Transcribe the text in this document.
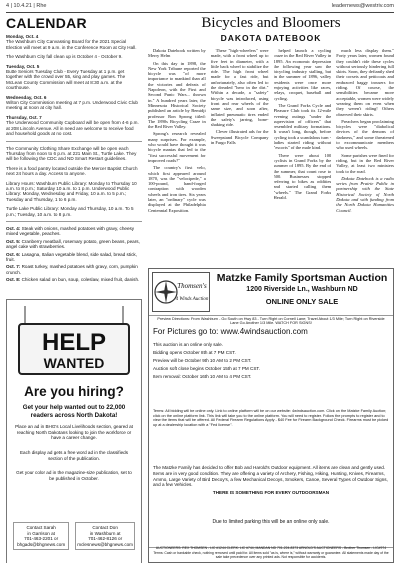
4 | 10.4.21 | Rhe	leadernews@westriv.com
CALENDAR
Monday, Oct. 4
The Washburn City Canvassing Board for the 2021 Special Election will meet at 9 a.m. in the Conference Room at City Hall.
The Washburn City fall clean up is October 4 - October 9.
Tuesday, Oct. 5
Butte Seniors Tuesday Club - Every Tuesday at 1 p.m. get together with the crowd over 55, sing and play games. The McLean County Commission will meet at 8:30 a.m. at the courthouse.
Wednesday, Oct. 6
Wilton City Commission meeting at 7 p.m. Underwood Civic Club meeting at noon at city hall.
Thursday, Oct. 7
The Underwood Community Cupboard will be open from 4-6 p.m. at 208 Lincoln Avenue. All in need are welcome to receive food and household goods at no cost.
The Community Clothing Share Exchange will be open each Thursday from noon to 6 p.m. at 221 Main St., Turtle Lake. They will be following the CDC and ND Smart Restart guidelines.
There is a food pantry located outside the Mercer Baptist Church next 24 hours a day. Access to anyone.
Library Hours: Washburn Public Library: Monday to Thursday 10 a.m. to 8 p.m.; Saturday 10 a.m. to 1 p.m. Underwood Public Library: Monday, Wednesday and Friday, 10 a.m. to 5 p.m.; Tuesday and Thursday, 1 to 6 p.m.
Turtle Lake Public Library: Monday and Thursday, 10 a.m. To 5 p.m.; Tuesday, 10 a.m. to 8 p.m.
Oct. 4: Steak with onions, mashed potatoes with gravy, cheesy mixed vegetable, peaches.
Oct. 5: Cranberry meatball, rosemary potato, green beans, pears, angel cake with strawberries.
Oct. 6: Lasagna, Italian vegetable blend, side salad, bread stick, fruit.
Oct. 7: Roast turkey, mashed potatoes with gravy, corn, pumpkin crunch.
Oct. 8: Chicken salad on bun, soup, coleslaw, mixed fruit, danish.
HELP
WANTED
Are you hiring?
Get your help wanted out to 22,000 readers across North Dakota!
Place an ad in BHG's Local Livelihoods section, geared at reaching North Dakotans looking to join the workforce or have a career change.
Each display ad gets a free word ad in the classifieds section of the publication.
Get your color ad in the magazine-size publication, set to be published in October.
Contact Sarah
in Garrison at
701-463-2201 or
bhgads@bhgnews.com
Contact Don
in Washburn at
701-462-8126 or
mclesnews@bhgnews.com
Bicycles and Bloomers
DAKOTA DATEBOOK

Dakota Datebook written by Merry Helm

On this day in 1898, the New York Tribune reported the bicycle was "of more importance to mankind than all the victories and defeats of Napoleon, with the First and Second Punic Wars... thrown in." A hundred years later, the Minnesota Historical Society published an article by Bemidji professor Ron Sprong titled: The 1890s Bicycling Craze in the Red River Valley.

Sprong's research revealed many surprises. For example, who would have thought it was bicycle manias that led to the "first successful movement for improved roads?"

The country's first velo, which first appeared around 1870, was the "velocipede," a 100-pound, hand-forged contraption with wooden wheels and iron tires. Six years later, an "ordinary" cycle was displayed at the Philadelphia Centennial Exposition.

These "high-wheelers" were made, with a front wheel up to five feet in diameter, with a little back wheel to stabilize the ride. The high front wheel made for a fast ride, but unfortunately, also often led to the dreaded "hero in the dirt." Within a decade, a "safety" bicycle was introduced, using front and rear wheels of the same size, and soon after, inflated pneumatic tires ended the safety's jarring, bone-shaking ride.

Clever illustrated ads for the Sweepstand Bicycle Company in Fargo Falls

helped launch a cycling craze in the Red River Valley in 1895. An economic depression the following year saw the bicycling industry stalling, but in the summer of 1896, valley residents were once more enjoying activities like races, relays, croquet, baseball and cycling.

The Grand Forks Cycle and Pleasure Club took its 12-mile evening outings "under the supervision of officers" that resembled military formations. It wasn't long, though, before cycling took a scandalous turn - ladies started riding without "escorts" of the male kind.

There were about 100 cyclists in Grand Forks by the summer of 1895. By the end of the summer, that count rose to 500. Businesses stopped referring to bikes as oddities and started calling them "wheels." The Grand Forks Herald.

much less display them." Forty years later, women found they couldn't ride these cycles without seriously hindering full skirts. Soon, they defiantly shed their corsets and petticoats and embraced baggy trousers for riding. Of course, the sensibilities became more acceptable, women were widely wearing them on even when they weren't riding! Others observed their skirts.

Preachers began proclaiming bicycles were "diabolical devices of the demons of darkness," and some threatened to excommunicate members who used wheels.

Some parishes were fined for riding, but in the Red River Valley, at least two ministers took to the road.

Dakota Datebook is a radio series from Prairie Public in partnership with the State Historical Society of North Dakota and with funding from the North Dakota Humanities Council.

Thomsen's
4 Winds Auction
Matzke Family Sportsman Auction
1200 Riverside Ln., Washburn ND
ONLINE ONLY SALE
Preview Directions: From Washburn - Go South on Hwy 83 - Turn Right on Cornell Lane; Travel About 1/3 Mile; Turn Right on Riverside Lane Go Another 1/3 Mile. WATCH FOR SIGNS!
For Pictures go to: www.4windsauction.com
This auction is an online only sale.
Bidding opens October 8th at 7 PM CST.
Preview will be October 9th 10 AM to 2 PM CST.
Auction soft close begins October 15th at 7 PM CST.
Item removal: October 16th 10 AM to 4 PM CST.
Terms: All bidding will be online only. Link to online platform will be on our website: 4windsauction.com. Click on the Matzke Family Auction; click on the online platform link. This link will take you to the online platform. You will need to register. Follow the prompts to register and to view the items that will be offered. All Federal Firearm Regulations Apply - $40 Fee for Firearm Background Check. Firearms must be picked up at a dealership location with a "Fed license".
The Matzke Family has decided to offer Bob and Harold's Outdoor equipment. All items are clean and gently used. Items are in very good condition. They are offering a variety of Archery, Fishing, Hiking, Hunting, Knives, Firearms, Ammo, Large Variety of Bird Decoy's, a few Mechanical Decoys, Smokers, Canoe, Several Types of Outdoor Signs, and a few Vehicles.
THERE IS SOMETHING FOR EVERY OUTDOORSMAN
Due to limited parking this will be an online only sale.
AUCTIONEERS: REX THOMSEN - LIC #1244 CLERK: LIC #744; MANDAN ND 701-224-8373 ARNOLD'S AUCTIONEERS - Brother Thomsen - LIC#974 Terms: Cash or bankable check, nothing removed until paid for. All items sold "as is, where is," without warranty or guarantee. All statements made day of the sale take precedence over any printed ads. Not responsible for accidents.
